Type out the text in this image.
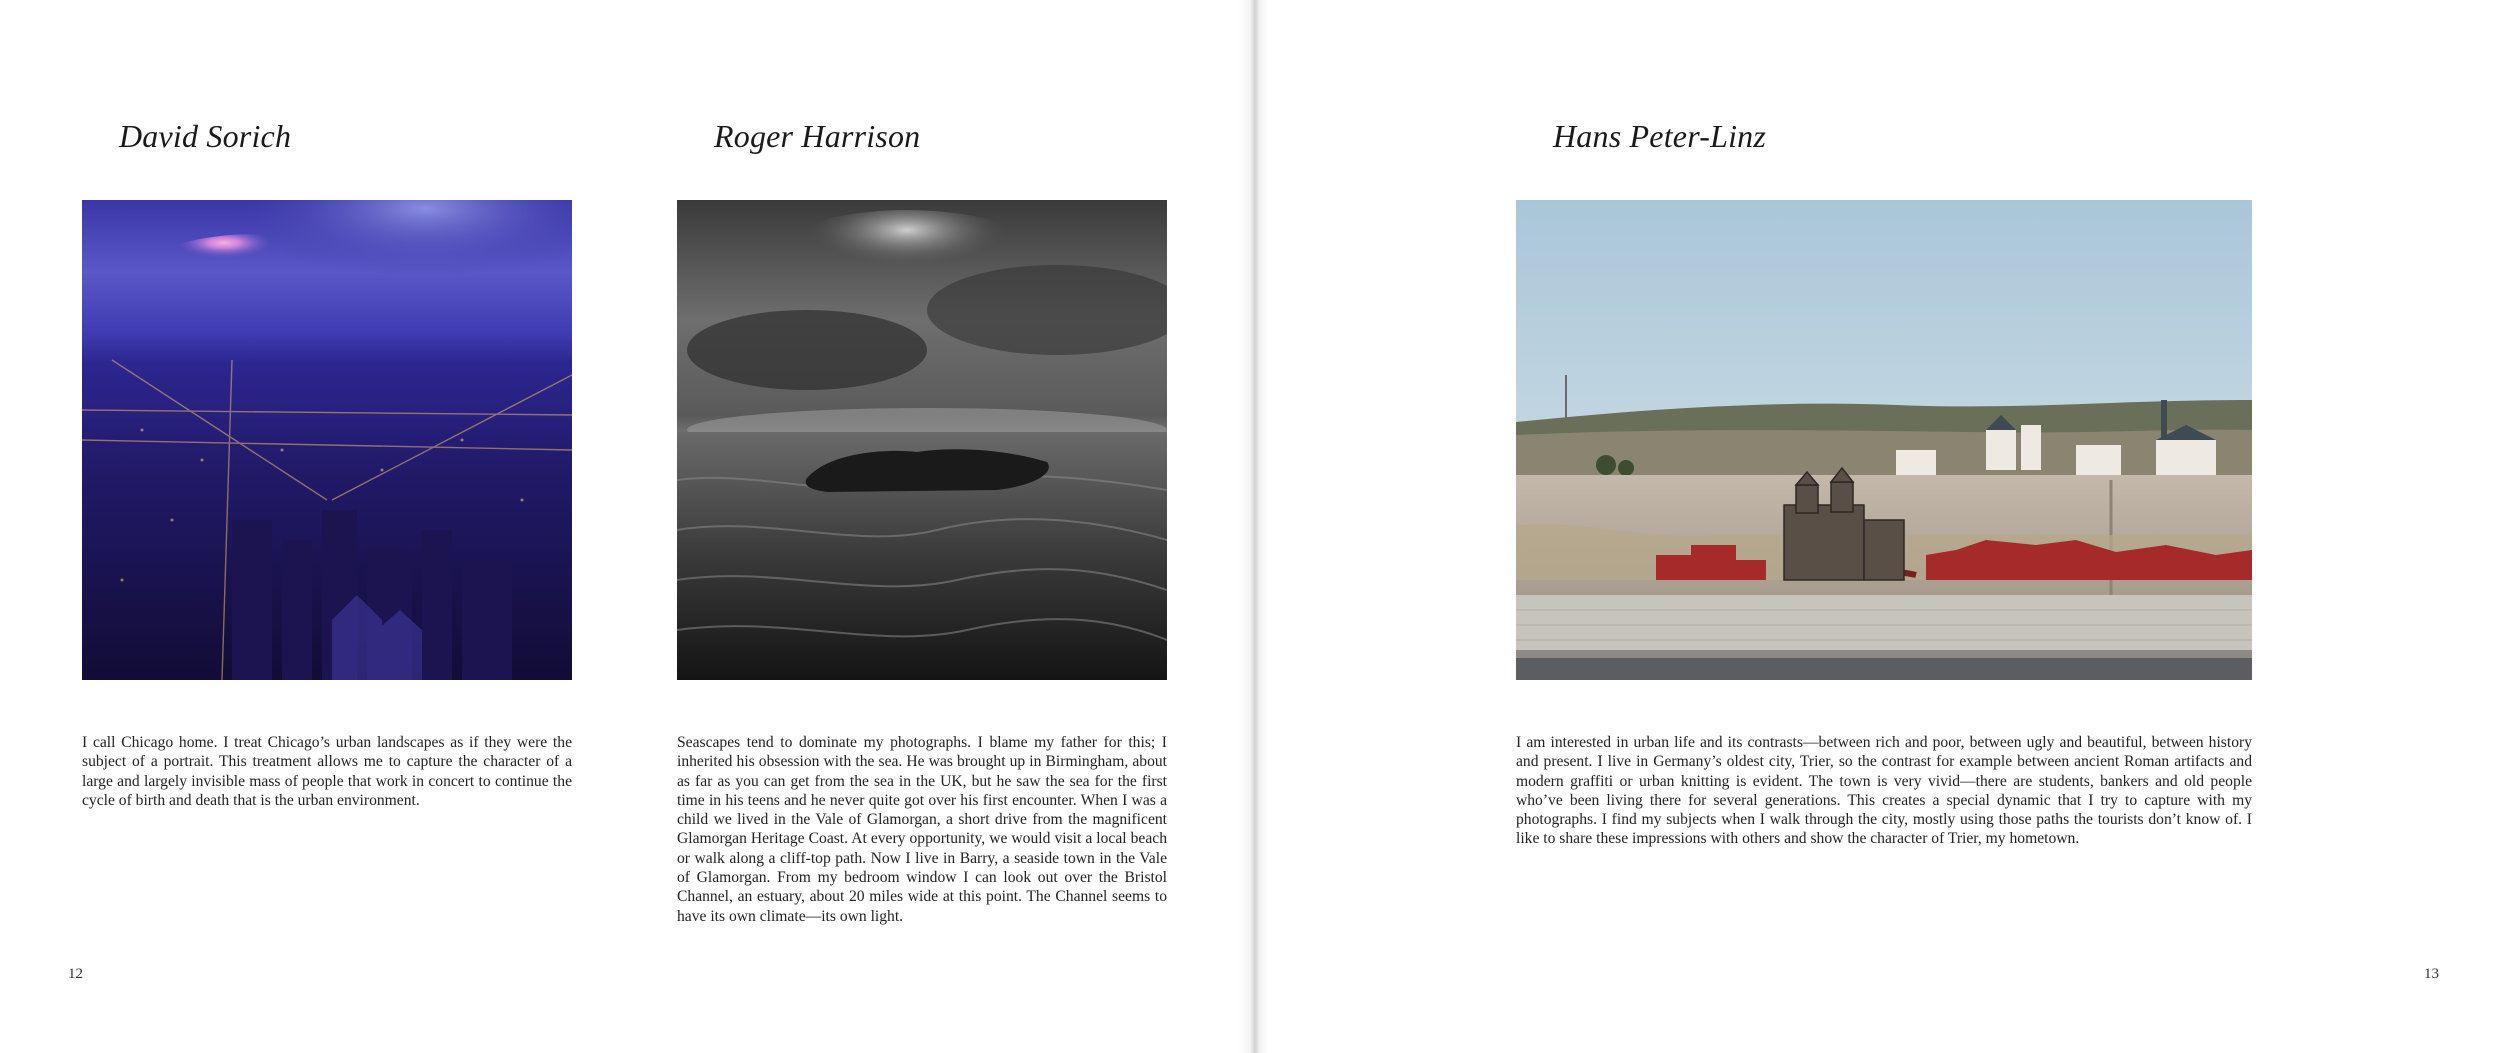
David Sorich

I call Chicago home. I treat Chicago’s urban landscapes as if they were the subject of a portrait. This treatment allows me to capture the character of a large and largely invisible mass of people that work in concert to continue the cycle of birth and death that is the urban environment.

Roger Harrison

Seascapes tend to dominate my photographs. I blame my father for this; I inherited his obsession with the sea. He was brought up in Birmingham, about as far as you can get from the sea in the UK, but he saw the sea for the first time in his teens and he never quite got over his first encounter. When I was a child we lived in the Vale of Glamorgan, a short drive from the magnificent Glamorgan Heritage Coast. At every opportunity, we would visit a local beach or walk along a cliff-top path. Now I live in Barry, a seaside town in the Vale of Glamorgan. From my bedroom window I can look out over the Bristol Channel, an estuary, about 20 miles wide at this point. The Channel seems to have its own climate—its own light.

12
Hans Peter-Linz

I am interested in urban life and its contrasts—between rich and poor, between ugly and beautiful, between history and present. I live in Germany’s oldest city, Trier, so the contrast for example between ancient Roman artifacts and modern graffiti or urban knitting is evident. The town is very vivid—there are students, bankers and old people who’ve been living there for several generations. This creates a special dynamic that I try to capture with my photographs. I find my subjects when I walk through the city, mostly using those paths the tourists don’t know of. I like to share these impressions with others and show the character of Trier, my hometown.

13
